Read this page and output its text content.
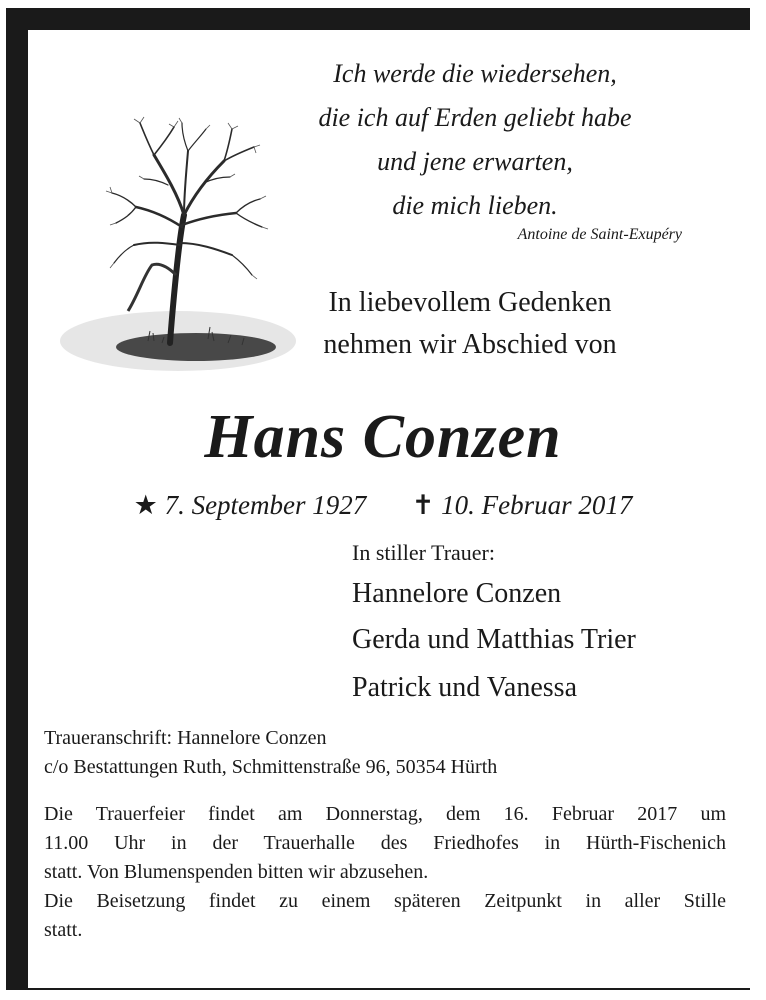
Ich werde die wiedersehen,
die ich auf Erden geliebt habe
und jene erwarten,
die mich lieben.
Antoine de Saint-Exupéry
In liebevollem Gedenken
nehmen wir Abschied von
Hans Conzen
★ 7. September 1927 ✝ 10. Februar 2017
In stiller Trauer:
Hannelore Conzen
Gerda und Matthias Trier
Patrick und Vanessa
Traueranschrift: Hannelore Conzen
c/o Bestattungen Ruth, Schmittenstraße 96, 50354 Hürth
Die Trauerfeier findet am Donnerstag, dem 16. Februar 2017 um
11.00 Uhr in der Trauerhalle des Friedhofes in Hürth-Fischenich
statt. Von Blumenspenden bitten wir abzusehen.
Die Beisetzung findet zu einem späteren Zeitpunkt in aller Stille
statt.
